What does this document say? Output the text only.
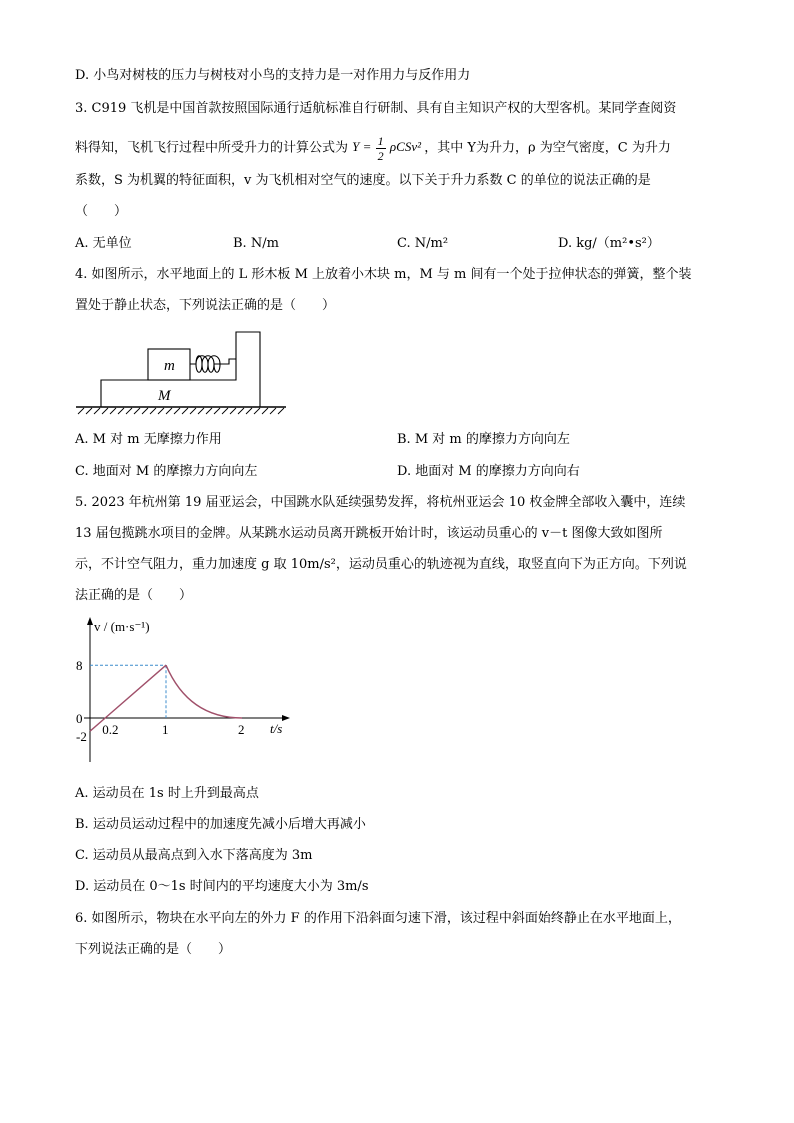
D. 小鸟对树枝的压力与树枝对小鸟的支持力是一对作用力与反作用力
3. C919 飞机是中国首款按照国际通行适航标准自行研制、具有自主知识产权的大型客机。某同学查阅资
料得知，飞机飞行过程中所受升力的计算公式为 $Y = \frac{1}{2} \rho CSv^2$ ，其中 Y为升力，ρ 为空气密度，C 为升力
系数，S 为机翼的特征面积，v 为飞机相对空气的速度。以下关于升力系数 C 的单位的说法正确的是
（　　）
A. 无单位	B. N/m	C. N/m²	D. kg/（m²•s²）
4. 如图所示，水平地面上的 L 形木板 M 上放着小木块 m，M 与 m 间有一个处于拉伸状态的弹簧，整个装
置处于静止状态，下列说法正确的是（　　）
m
M
A. M 对 m 无摩擦力作用	B. M 对 m 的摩擦力方向向左
C. 地面对 M 的摩擦力方向向左	D. 地面对 M 的摩擦力方向向右
5. 2023 年杭州第 19 届亚运会，中国跳水队延续强势发挥，将杭州亚运会 10 枚金牌全部收入囊中，连续
13 届包揽跳水项目的金牌。从某跳水运动员离开跳板开始计时，该运动员重心的 v－t 图像大致如图所
示，不计空气阻力，重力加速度 g 取 10m/s²，运动员重心的轨迹视为直线，取竖直向下为正方向。下列说
法正确的是（　　）
v / (m·s⁻¹)
t/s
0.2	1	2
8
0
-2
A. 运动员在 1s 时上升到最高点
B. 运动员运动过程中的加速度先减小后增大再减小
C. 运动员从最高点到入水下落高度为 3m
D. 运动员在 0～1s 时间内的平均速度大小为 3m/s
6. 如图所示，物块在水平向左的外力 F 的作用下沿斜面匀速下滑，该过程中斜面始终静止在水平地面上，
下列说法正确的是（　　）
